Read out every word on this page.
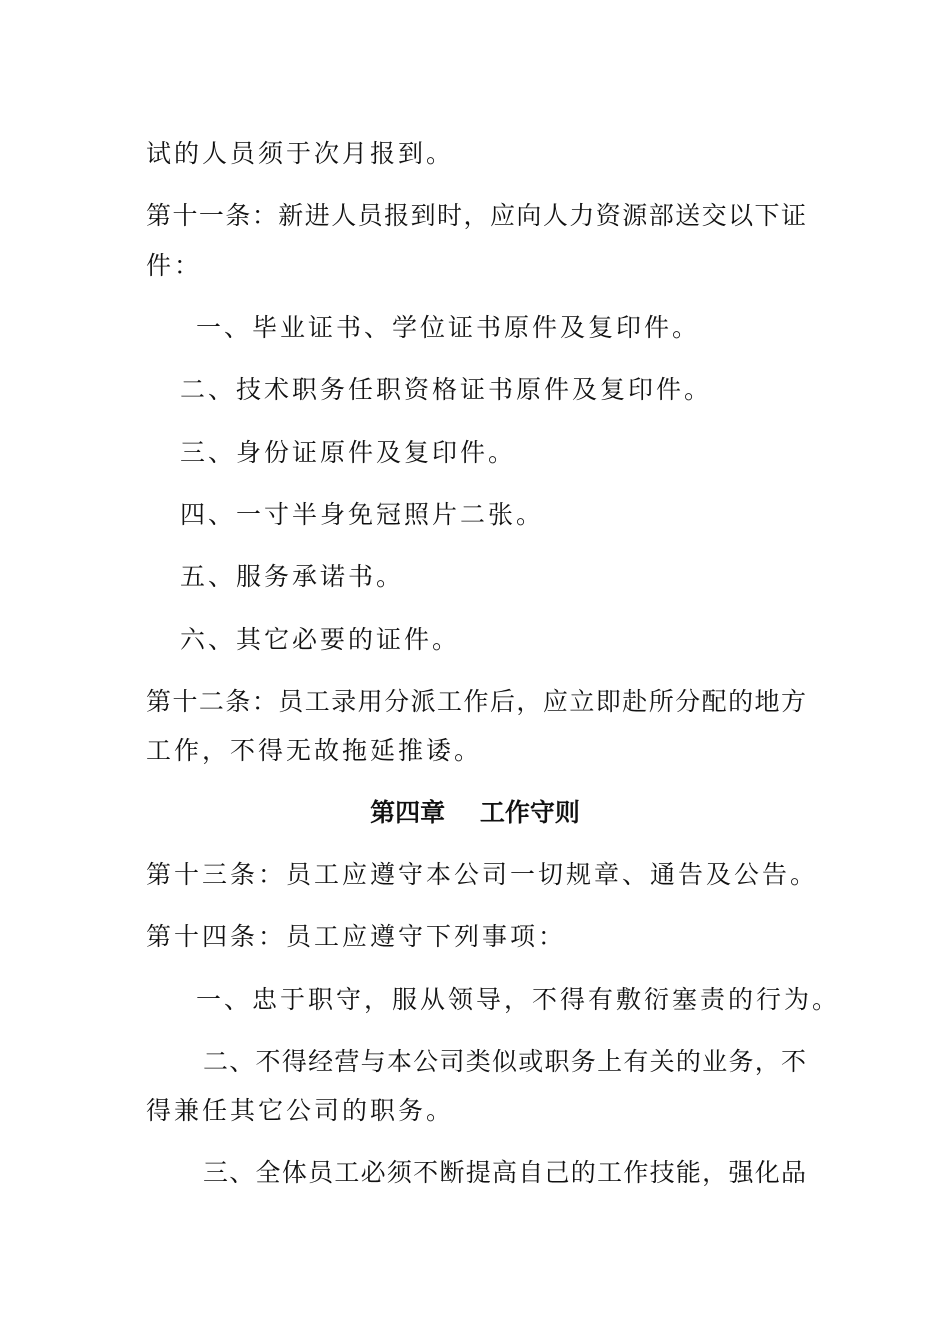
试的人员须于次月报到。
第十一条：新进人员报到时，应向人力资源部送交以下证
件：
一、毕业证书、学位证书原件及复印件。
二、技术职务任职资格证书原件及复印件。
三、身份证原件及复印件。
四、一寸半身免冠照片二张。
五、服务承诺书。
六、其它必要的证件。
第十二条：员工录用分派工作后，应立即赴所分配的地方
工作，不得无故拖延推诿。
第四章    工作守则
第十三条：员工应遵守本公司一切规章、通告及公告。
第十四条：员工应遵守下列事项：
一、忠于职守，服从领导，不得有敷衍塞责的行为。
二、不得经营与本公司类似或职务上有关的业务，不
得兼任其它公司的职务。
三、全体员工必须不断提高自己的工作技能，强化品
